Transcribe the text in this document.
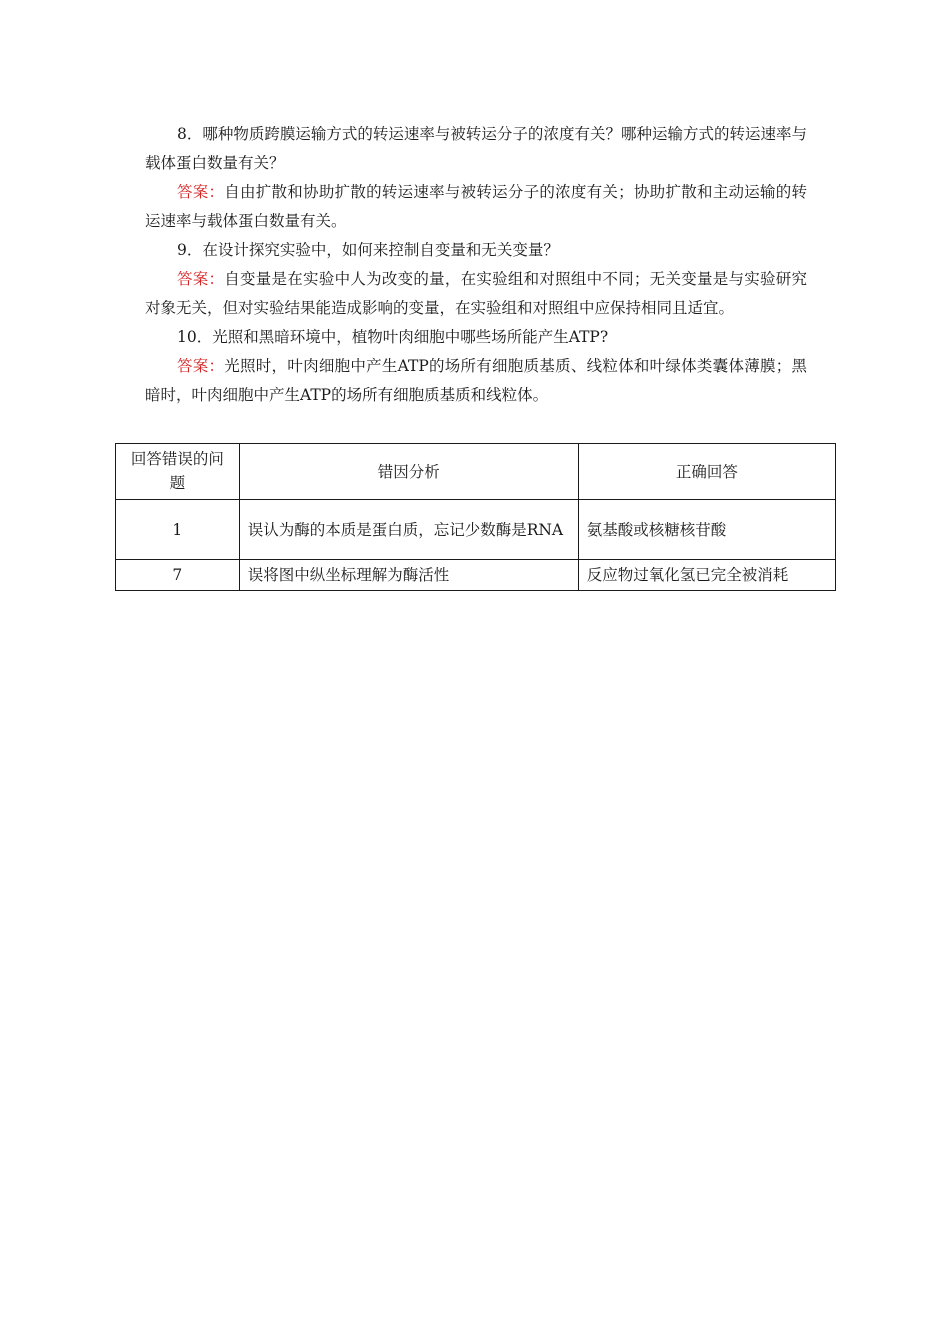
8．哪种物质跨膜运输方式的转运速率与被转运分子的浓度有关？哪种运输方式的转运速率与载体蛋白数量有关？

答案：自由扩散和协助扩散的转运速率与被转运分子的浓度有关；协助扩散和主动运输的转运速率与载体蛋白数量有关。

9．在设计探究实验中，如何来控制自变量和无关变量？

答案：自变量是在实验中人为改变的量，在实验组和对照组中不同；无关变量是与实验研究对象无关，但对实验结果能造成影响的变量，在实验组和对照组中应保持相同且适宜。

10．光照和黑暗环境中，植物叶肉细胞中哪些场所能产生ATP?

答案：光照时，叶肉细胞中产生ATP的场所有细胞质基质、线粒体和叶绿体类囊体薄膜；黑暗时，叶肉细胞中产生ATP的场所有细胞质基质和线粒体。

回答错误的问题	错因分析	正确回答
1	误认为酶的本质是蛋白质，忘记少数酶是RNA	氨基酸或核糖核苷酸
7	误将图中纵坐标理解为酶活性	反应物过氧化氢已完全被消耗
